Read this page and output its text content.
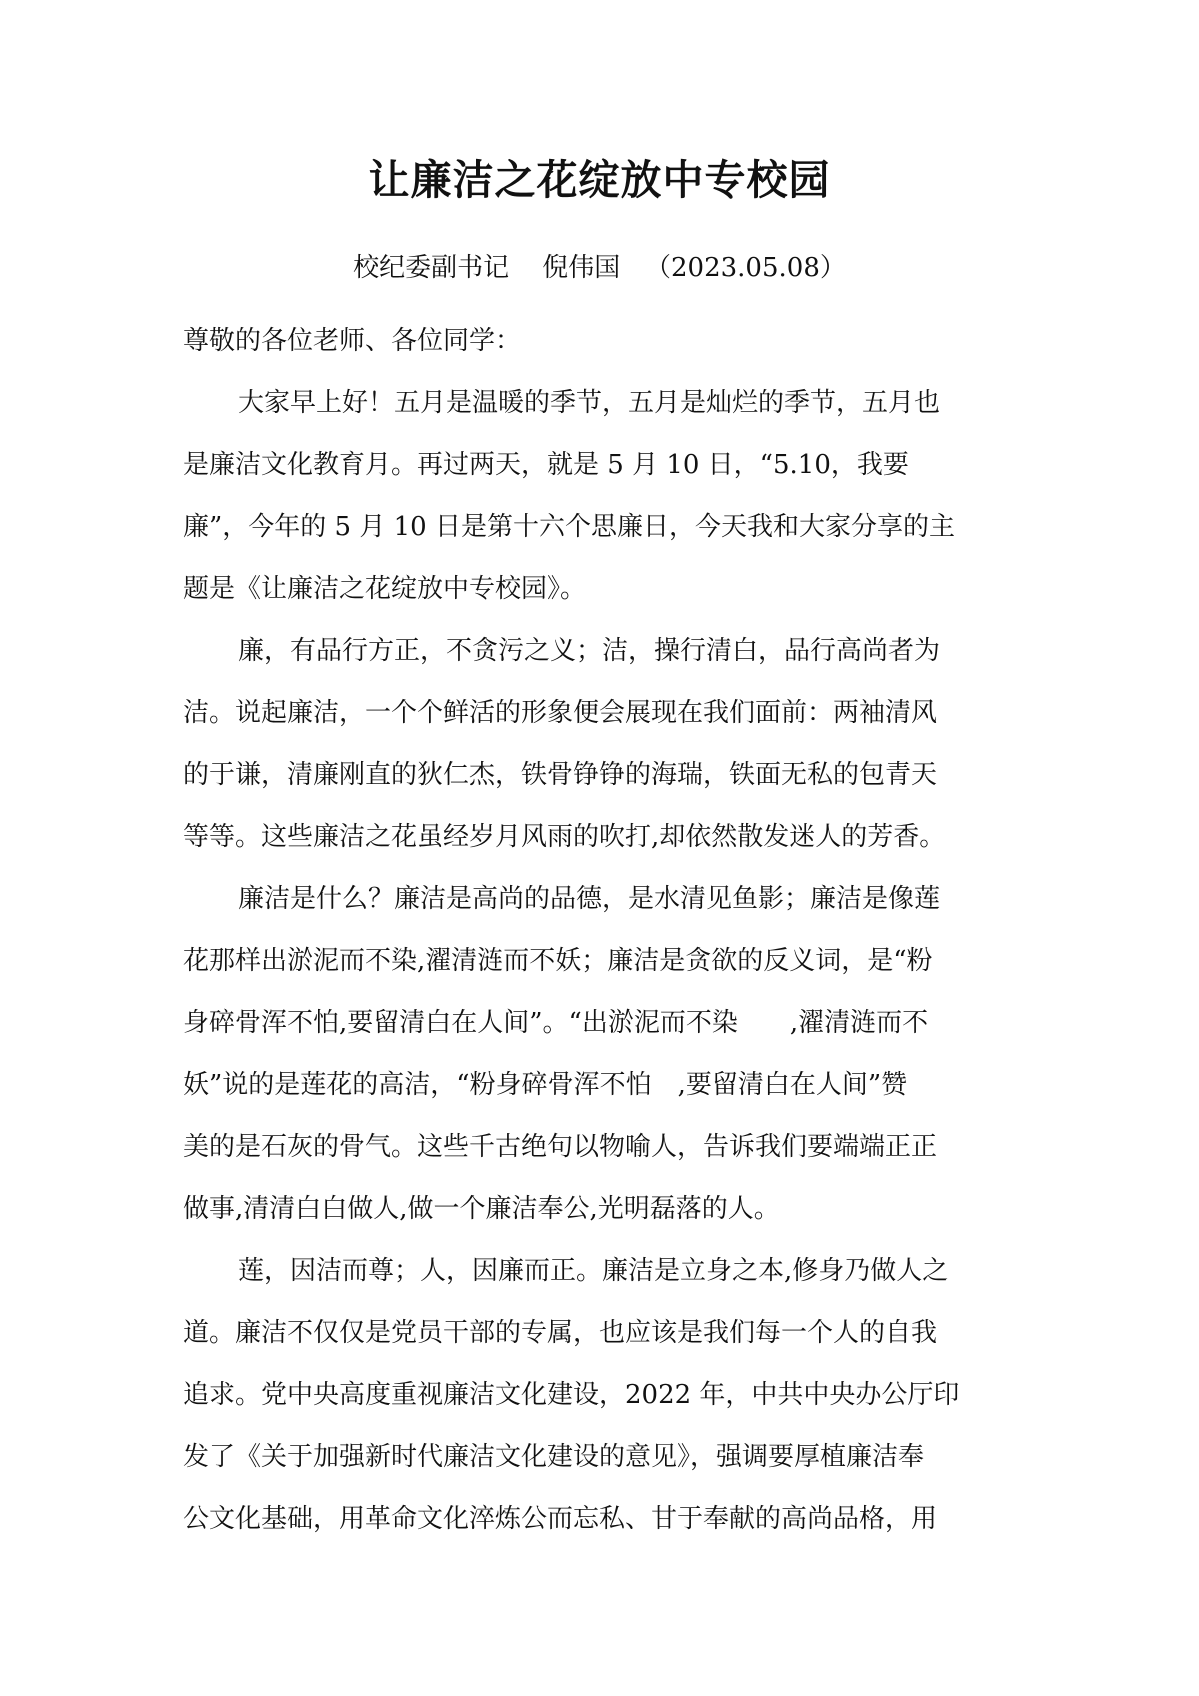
让廉洁之花绽放中专校园

校纪委副书记 倪伟国 （2023.05.08）

尊敬的各位老师、各位同学：

大家早上好！五月是温暖的季节，五月是灿烂的季节，五月也
是廉洁文化教育月。再过两天，就是 5 月 10 日，“5.10，我要
廉”，今年的 5 月 10 日是第十六个思廉日，今天我和大家分享的主
题是《让廉洁之花绽放中专校园》。

廉，有品行方正，不贪污之义；洁，操行清白，品行高尚者为
洁。说起廉洁，一个个鲜活的形象便会展现在我们面前：两袖清风
的于谦，清廉刚直的狄仁杰，铁骨铮铮的海瑞，铁面无私的包青天
等等。这些廉洁之花虽经岁月风雨的吹打,却依然散发迷人的芳香。

廉洁是什么？廉洁是高尚的品德，是水清见鱼影；廉洁是像莲
花那样出淤泥而不染,濯清涟而不妖；廉洁是贪欲的反义词，是“粉
身碎骨浑不怕,要留清白在人间”。“出淤泥而不染　　,濯清涟而不
妖”说的是莲花的高洁，“粉身碎骨浑不怕　,要留清白在人间”赞
美的是石灰的骨气。这些千古绝句以物喻人，告诉我们要端端正正
做事,清清白白做人,做一个廉洁奉公,光明磊落的人。

莲，因洁而尊；人，因廉而正。廉洁是立身之本,修身乃做人之
道。廉洁不仅仅是党员干部的专属，也应该是我们每一个人的自我
追求。党中央高度重视廉洁文化建设，2022 年，中共中央办公厅印
发了《关于加强新时代廉洁文化建设的意见》，强调要厚植廉洁奉
公文化基础，用革命文化淬炼公而忘私、甘于奉献的高尚品格，用
